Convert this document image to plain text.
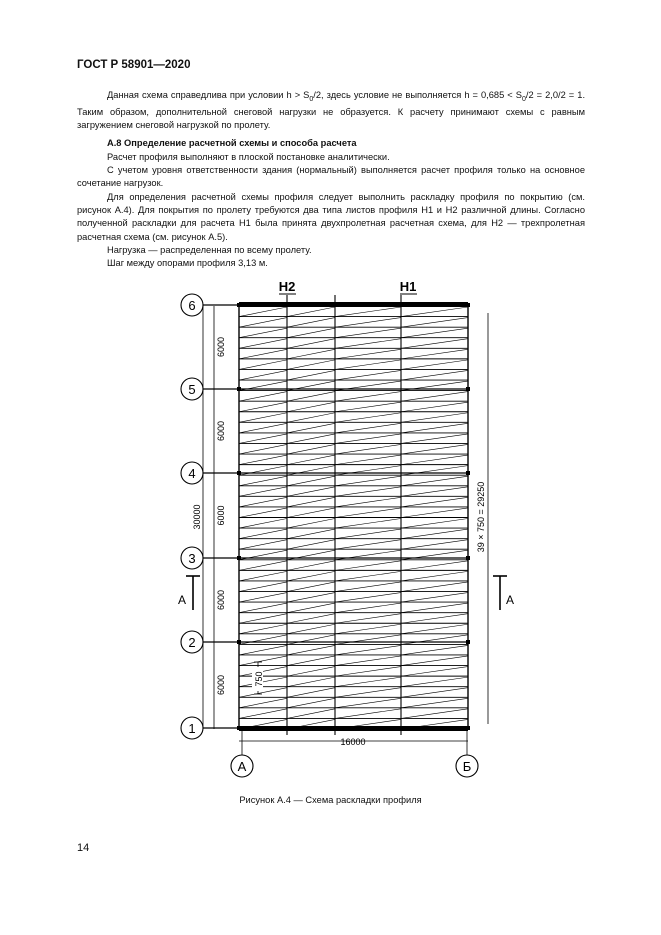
ГОСТ Р 58901—2020
Данная схема справедлива при условии $h > S_0/2$, здесь условие не выполняется $h = 0,685 < S_0/2 = 2,0/2 = 1$. Таким образом, дополнительной снеговой нагрузки не образуется. К расчету принимают схемы с равным загружением снеговой нагрузкой по пролету.
А.8 Определение расчетной схемы и способа расчета
Расчет профиля выполняют в плоской постановке аналитически.
С учетом уровня ответственности здания (нормальный) выполняется расчет профиля только на основное сочетание нагрузок.
Для определения расчетной схемы профиля следует выполнить раскладку профиля по покрытию (см. рисунок А.4). Для покрытия по пролету требуются два типа листов профиля Н1 и Н2 различной длины. Согласно полученной раскладки для расчета Н1 была принята двухпролетная расчетная схема, для Н2 — трехпролетная расчетная схема (см. рисунок А.5).
Нагрузка — распределенная по всему пролету.
Шаг между опорами профиля 3,13 м.
Н2	Н1
30000	39 × 750 = 29250
750
16000
А	А
6
5
4
3
2
1
6000
6000
6000
6000
6000
А	Б
Рисунок А.4 — Схема раскладки профиля
14
